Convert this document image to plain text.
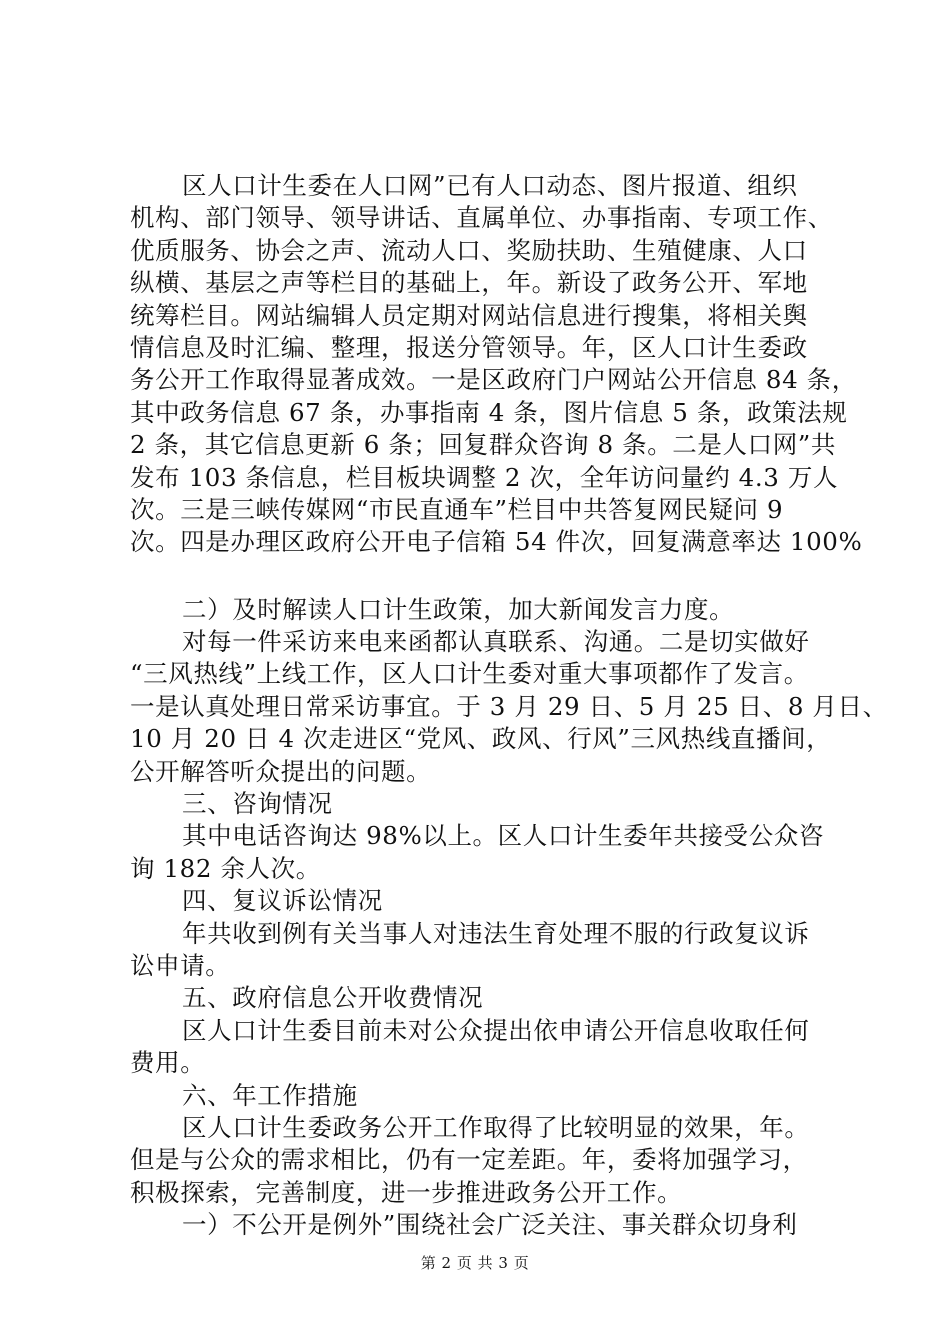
区人口计生委在人口网”已有人口动态、图片报道、组织
机构、部门领导、领导讲话、直属单位、办事指南、专项工作、
优质服务、协会之声、流动人口、奖励扶助、生殖健康、人口
纵横、基层之声等栏目的基础上，年。新设了政务公开、军地
统筹栏目。网站编辑人员定期对网站信息进行搜集，将相关舆
情信息及时汇编、整理，报送分管领导。年，区人口计生委政
务公开工作取得显著成效。一是区政府门户网站公开信息 84 条，
其中政务信息 67 条，办事指南 4 条，图片信息 5 条，政策法规
2 条，其它信息更新 6 条；回复群众咨询 8 条。二是人口网”共
发布 103 条信息，栏目板块调整 2 次，全年访问量约 4.3 万人
次。三是三峡传媒网“市民直通车”栏目中共答复网民疑问 9
次。四是办理区政府公开电子信箱 54 件次，回复满意率达 100%
二）及时解读人口计生政策，加大新闻发言力度。
对每一件采访来电来函都认真联系、沟通。二是切实做好
“三风热线”上线工作，区人口计生委对重大事项都作了发言。
一是认真处理日常采访事宜。于 3 月 29 日、5 月 25 日、8 月日、
10 月 20 日 4 次走进区“党风、政风、行风”三风热线直播间，
公开解答听众提出的问题。
三、咨询情况
其中电话咨询达 98%以上。区人口计生委年共接受公众咨
询 182 余人次。
四、复议诉讼情况
年共收到例有关当事人对违法生育处理不服的行政复议诉
讼申请。
五、政府信息公开收费情况
区人口计生委目前未对公众提出依申请公开信息收取任何
费用。
六、年工作措施
区人口计生委政务公开工作取得了比较明显的效果，年。
但是与公众的需求相比，仍有一定差距。年，委将加强学习，
积极探索，完善制度，进一步推进政务公开工作。
一）不公开是例外”围绕社会广泛关注、事关群众切身利
第 2 页 共 3 页
